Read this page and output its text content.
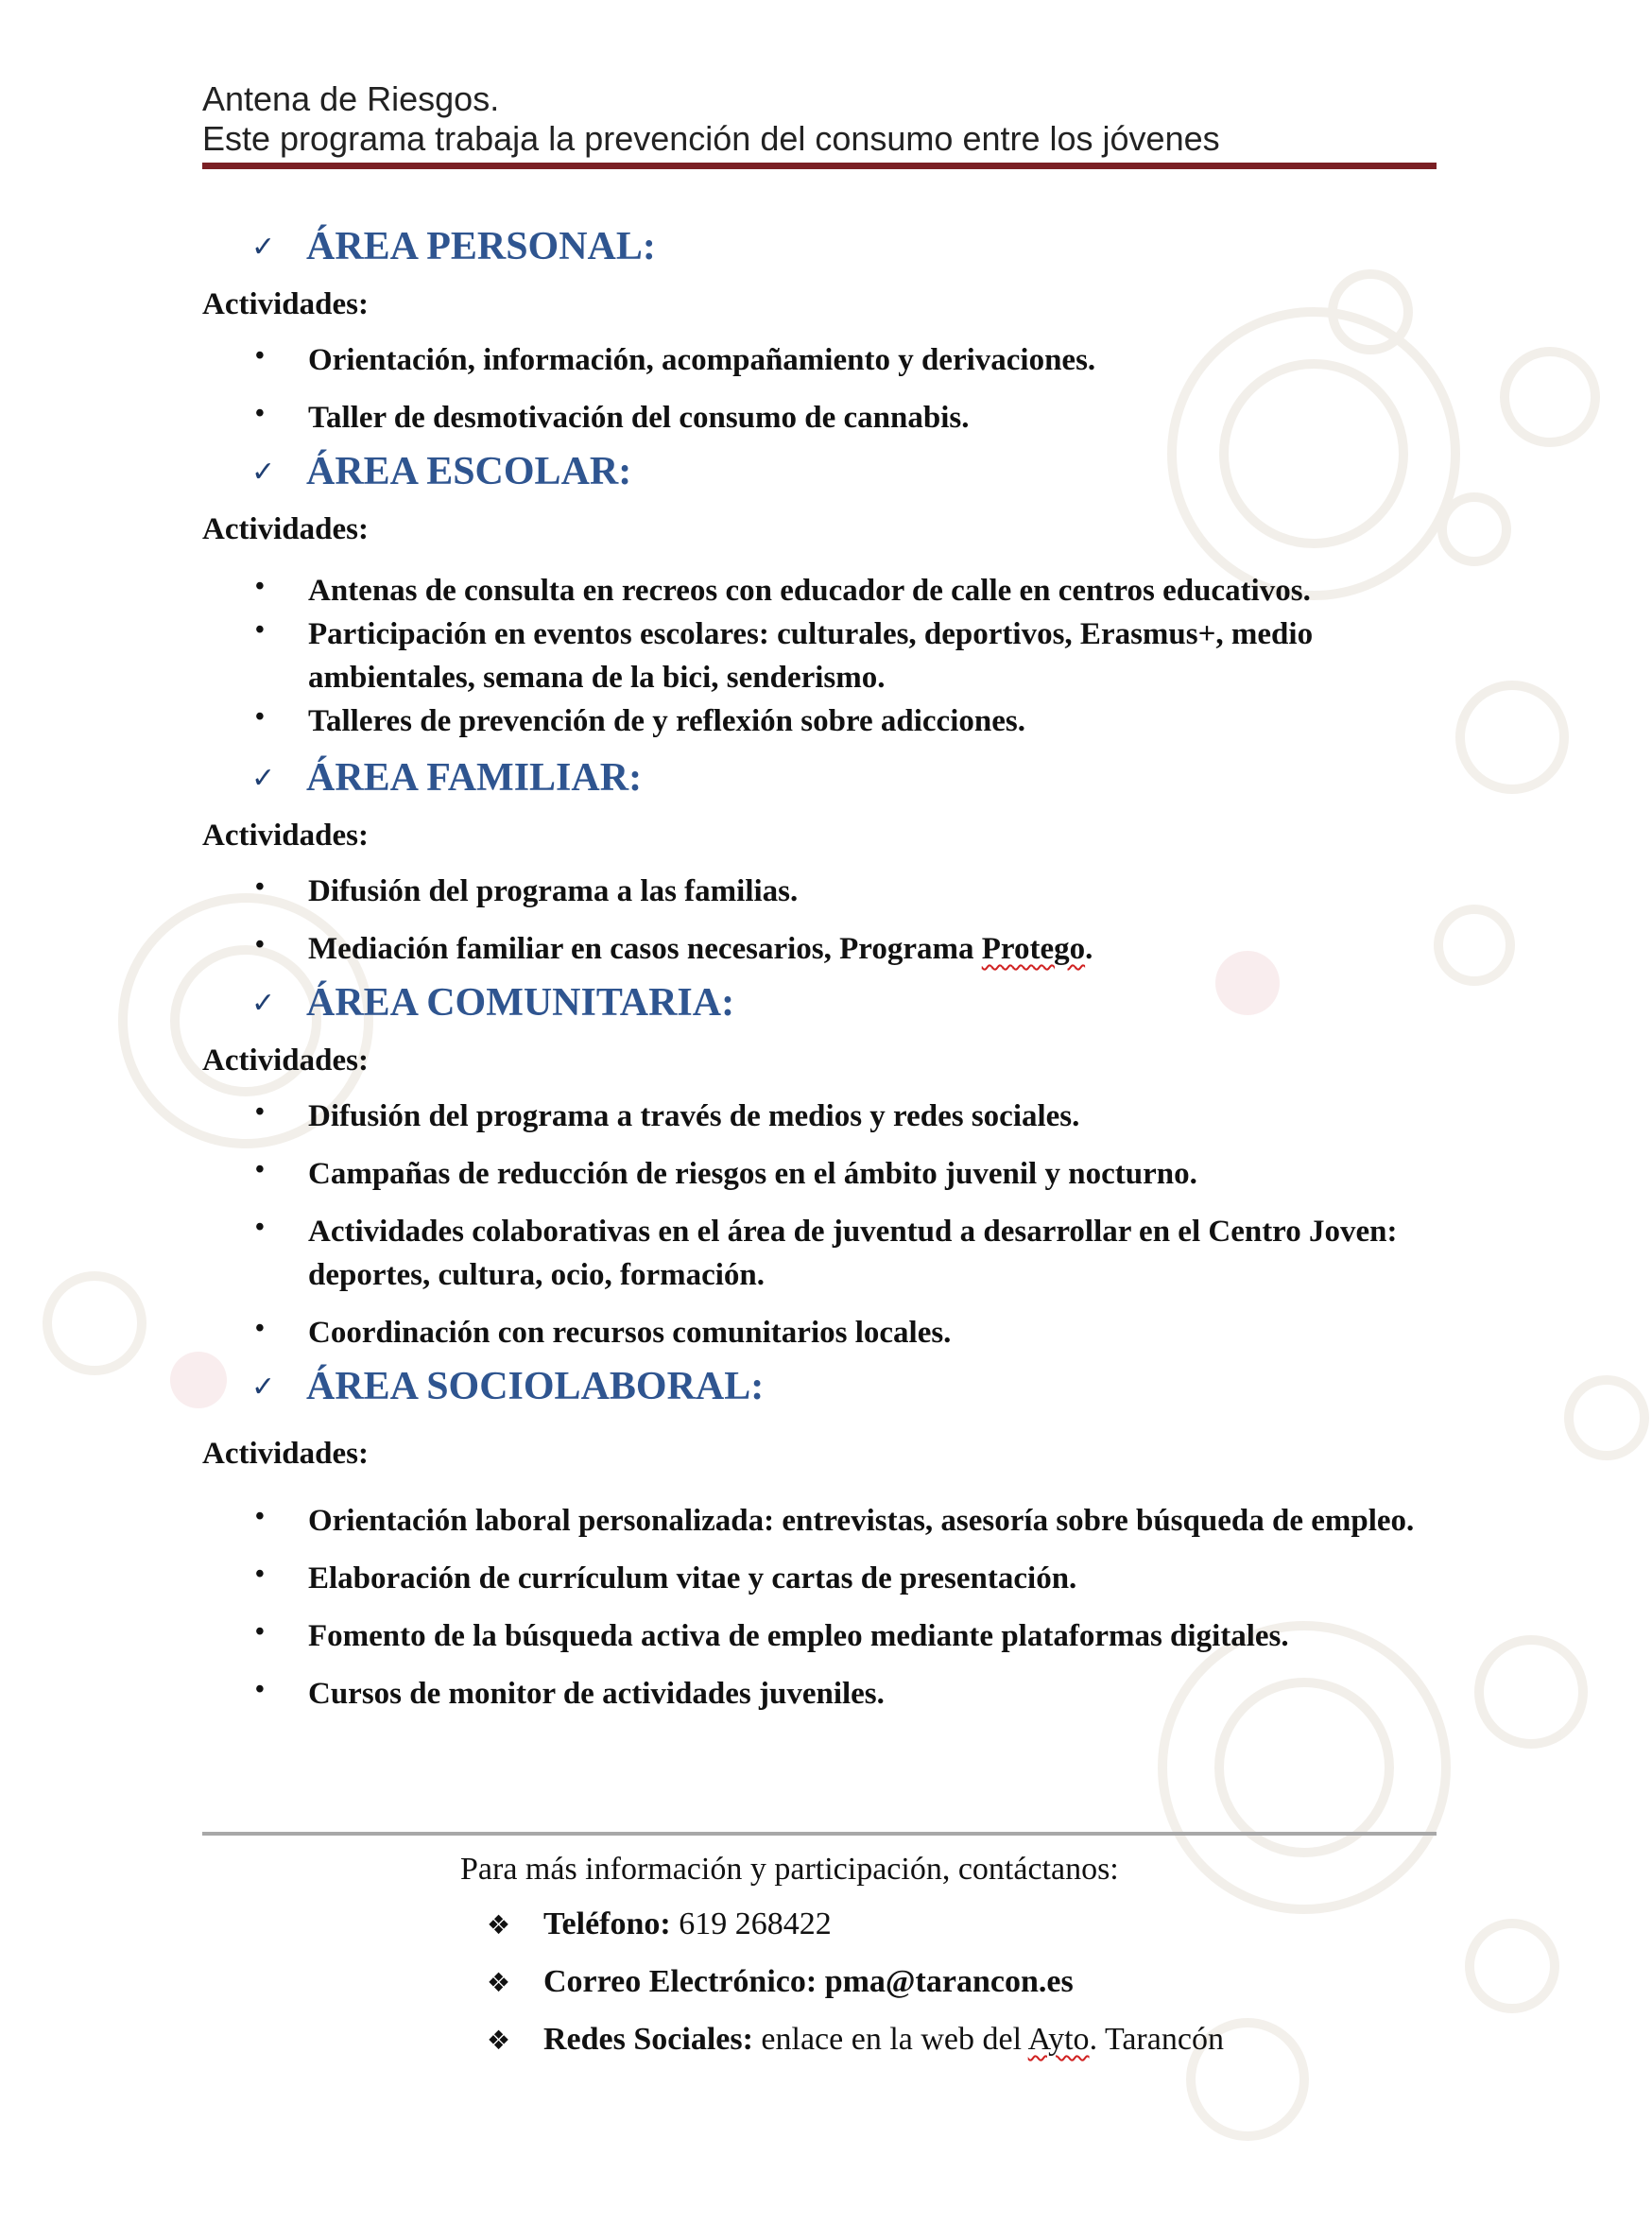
Antena de Riesgos.
Este programa trabaja la prevención del consumo entre los jóvenes
✓ ÁREA PERSONAL:
Actividades:
• Orientación, información, acompañamiento y derivaciones.
• Taller de desmotivación del consumo de cannabis.
✓ ÁREA ESCOLAR:
Actividades:
• Antenas de consulta en recreos con educador de calle en centros educativos.
• Participación en eventos escolares: culturales, deportivos, Erasmus+, medio ambientales, semana de la bici, senderismo.
• Talleres de prevención de y reflexión sobre adicciones.
✓ ÁREA FAMILIAR:
Actividades:
• Difusión del programa a las familias.
• Mediación familiar en casos necesarios, Programa Protego.
✓ ÁREA COMUNITARIA:
Actividades:
• Difusión del programa a través de medios y redes sociales.
• Campañas de reducción de riesgos en el ámbito juvenil y nocturno.
• Actividades colaborativas en el área de juventud a desarrollar en el Centro Joven: deportes, cultura, ocio, formación.
• Coordinación con recursos comunitarios locales.
✓ ÁREA SOCIOLABORAL:
Actividades:
• Orientación laboral personalizada: entrevistas, asesoría sobre búsqueda de empleo.
• Elaboración de currículum vitae y cartas de presentación.
• Fomento de la búsqueda activa de empleo mediante plataformas digitales.
• Cursos de monitor de actividades juveniles.
Para más información y participación, contáctanos:
❖ Teléfono: 619 268422
❖ Correo Electrónico: pma@tarancon.es
❖ Redes Sociales: enlace en la web del Ayto. Tarancón
